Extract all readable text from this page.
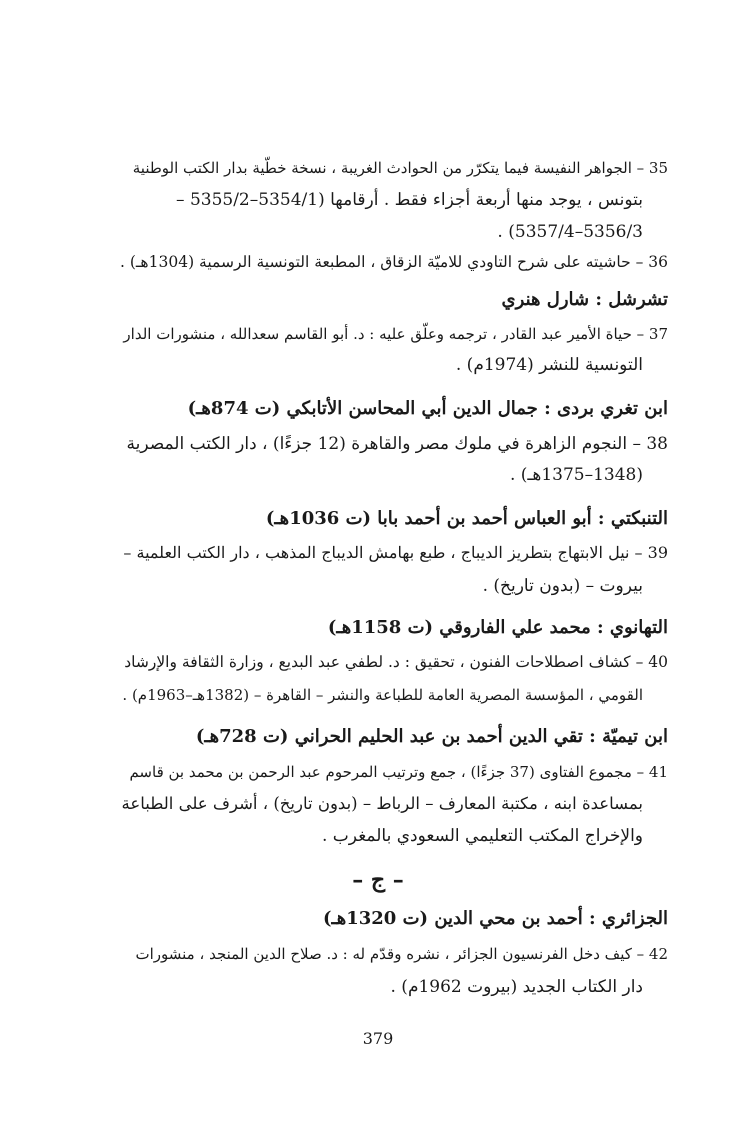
35 – الجواهر النفيسة فيما يتكرّر من الحوادث الغريبة ، نسخة خطّية بدار الكتب الوطنية
بتونس ، يوجد منها أربعة أجزاء فقط . أرقامها (5354/1–5355/2 –
5356/3–5357/4) .
36 – حاشيته على شرح التاودي للاميّة الزقاق ، المطبعة التونسية الرسمية (1304هـ) .
تشرشل : شارل هنري
37 – حياة الأمير عبد القادر ، ترجمه وعلّق عليه : د. أبو القاسم سعدالله ، منشورات الدار
التونسية للنشر (1974م) .
ابن تغري بردى : جمال الدين أبي المحاسن الأتابكي (ت 874هـ)
38 – النجوم الزاهرة في ملوك مصر والقاهرة (12 جزءًا) ، دار الكتب المصرية
(1348–1375هـ) .
التنبكتي : أبو العباس أحمد بن أحمد بابا (ت 1036هـ)
39 – نيل الابتهاج بتطريز الديباج ، طبع بهامش الديباج المذهب ، دار الكتب العلمية –
بيروت – (بدون تاريخ) .
التهانوي : محمد علي الفاروقي (ت 1158هـ)
40 – كشاف اصطلاحات الفنون ، تحقيق : د. لطفي عبد البديع ، وزارة الثقافة والإرشاد
القومي ، المؤسسة المصرية العامة للطباعة والنشر – القاهرة – (1382هـ–1963م) .
ابن تيميّة : تقي الدين أحمد بن عبد الحليم الحراني (ت 728هـ)
41 – مجموع الفتاوى (37 جزءًا) ، جمع وترتيب المرحوم عبد الرحمن بن محمد بن قاسم
بمساعدة ابنه ، مكتبة المعارف – الرباط – (بدون تاريخ) ، أشرف على الطباعة
والإخراج المكتب التعليمي السعودي بالمغرب .
– ج –
الجزائري : أحمد بن محي الدين (ت 1320هـ)
42 – كيف دخل الفرنسيون الجزائر ، نشره وقدّم له : د. صلاح الدين المنجد ، منشورات
دار الكتاب الجديد (بيروت 1962م) .
379
